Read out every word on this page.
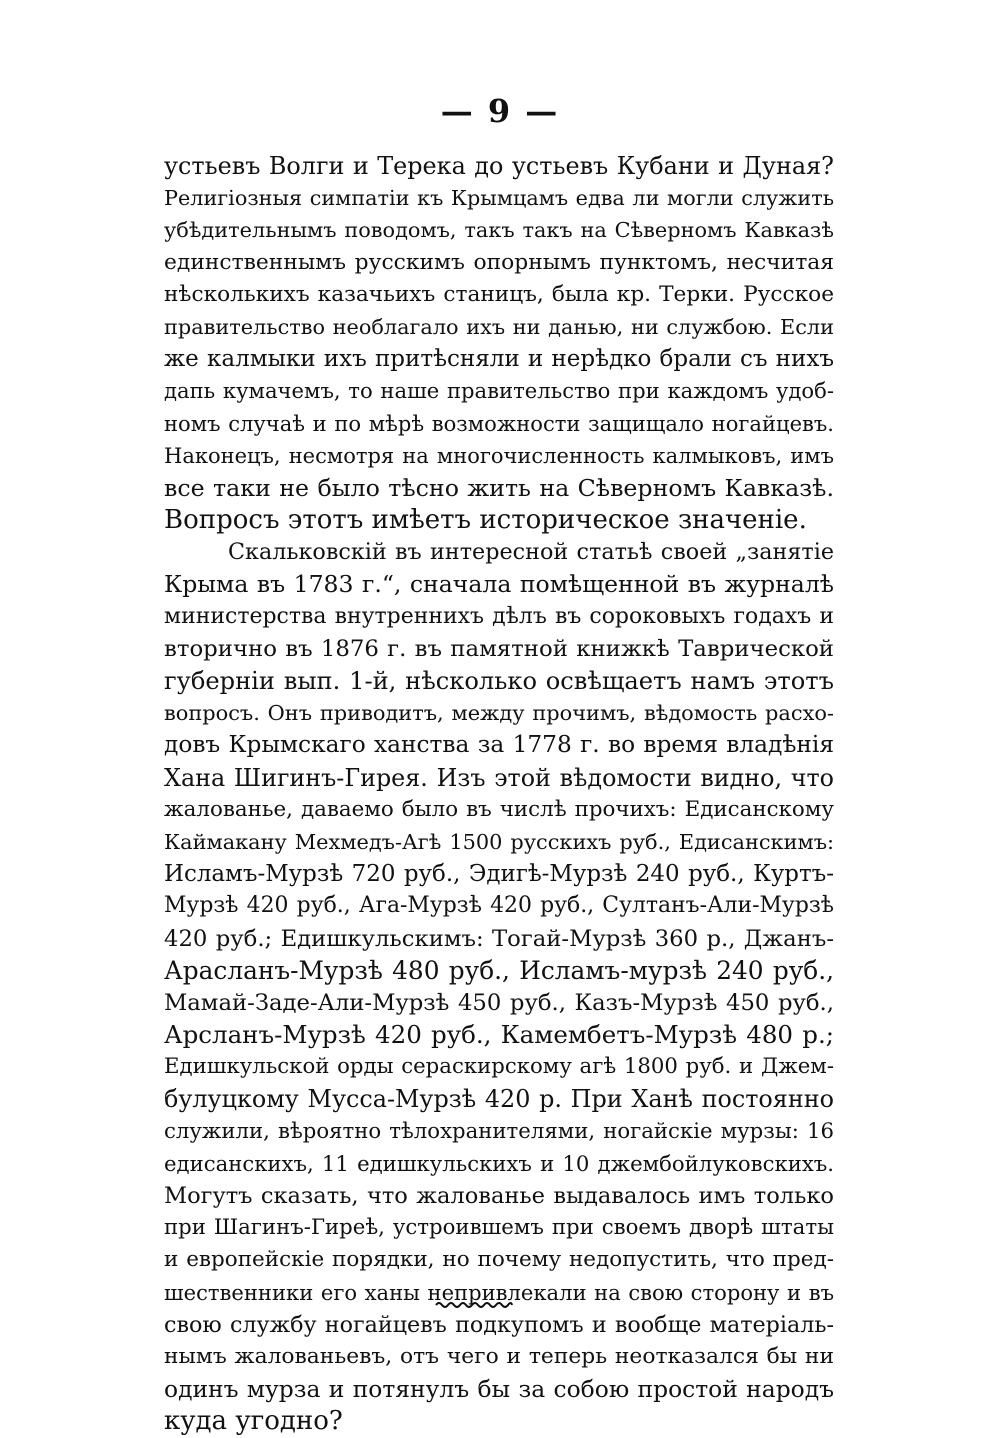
— 9 —
устьевъ Волги и Терека до устьевъ Кубани и Дуная?
Религіозныя симпатіи къ Крымцамъ едва ли могли служить
убѣдительнымъ поводомъ, такъ такъ на Сѣверномъ Кавказѣ
единственнымъ русскимъ опорнымъ пунктомъ, несчитая
нѣсколькихъ казачьихъ станицъ, была кр. Терки. Русское
правительство необлагало ихъ ни данью, ни службою. Если
же калмыки ихъ притѣсняли и нерѣдко брали съ нихъ
дапь кумачемъ, то наше правительство при каждомъ удоб-
номъ случаѣ и по мѣрѣ возможности защищало ногайцевъ.
Наконецъ, несмотря на многочисленность калмыковъ, имъ
все таки не было тѣсно жить на Сѣверномъ Кавказѣ.
Вопросъ этотъ имѣетъ историческое значеніе.
Скальковскій въ интересной статьѣ своей „занятіе
Крыма въ 1783 г.“, сначала помѣщенной въ журналѣ
министерства внутреннихъ дѣлъ въ сороковыхъ годахъ и
вторично въ 1876 г. въ памятной книжкѣ Таврической
губерніи вып. 1-й, нѣсколько освѣщаетъ намъ этотъ
вопросъ. Онъ приводитъ, между прочимъ, вѣдомость расхо-
довъ Крымскаго ханства за 1778 г. во время владѣнія
Хана Шигинъ-Гирея. Изъ этой вѣдомости видно, что
жалованье, даваемо было въ числѣ прочихъ: Едисанскому
Каймакану Мехмедъ-Агѣ 1500 русскихъ руб., Едисанскимъ:
Исламъ-Мурзѣ 720 руб., Эдигѣ-Мурзѣ 240 руб., Куртъ-
Мурзѣ 420 руб., Ага-Мурзѣ 420 руб., Султанъ-Али-Мурзѣ
420 руб.; Едишкульскимъ: Тогай-Мурзѣ 360 р., Джанъ-
Арасланъ-Мурзѣ 480 руб., Исламъ-мурзѣ 240 руб.,
Мамай-Заде-Али-Мурзѣ 450 руб., Казъ-Мурзѣ 450 руб.,
Арсланъ-Мурзѣ 420 руб., Камембетъ-Мурзѣ 480 р.;
Едишкульской орды сераскирскому агѣ 1800 руб. и Джем-
булуцкому Мусса-Мурзѣ 420 р. При Ханѣ постоянно
служили, вѣроятно тѣлохранителями, ногайскіе мурзы: 16
едисанскихъ, 11 едишкульскихъ и 10 джембойлуковскихъ.
Могутъ сказать, что жалованье выдавалось имъ только
при Шагинъ-Гиреѣ, устроившемъ при своемъ дворѣ штаты
и европейскіе порядки, но почему недопустить, что пред-
шественники его ханы непривлекали на свою сторону и въ
свою службу ногайцевъ подкупомъ и вообще матеріаль-
нымъ жалованьевъ, отъ чего и теперь неотказался бы ни
одинъ мурза и потянулъ бы за собою простой народъ
куда угодно?
